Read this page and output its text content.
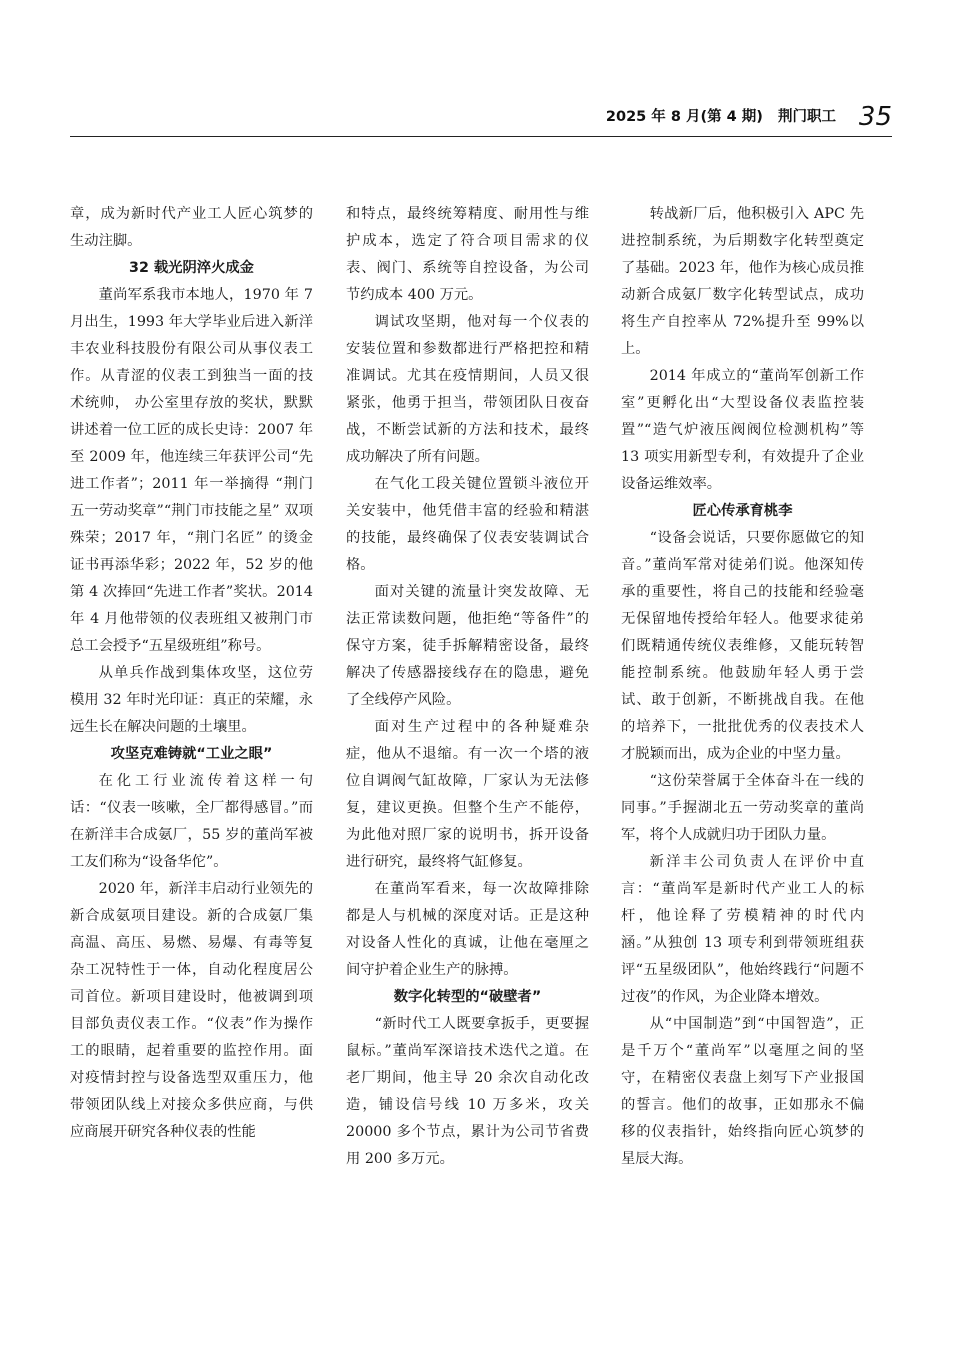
2025 年 8 月(第 4 期) 荆门职工 35

章，成为新时代产业工人匠心筑梦的生动注脚。

32 载光阴淬火成金

董尚军系我市本地人，1970 年 7 月出生，1993 年大学毕业后进入新洋丰农业科技股份有限公司从事仪表工作。从青涩的仪表工到独当一面的技术统帅， 办公室里存放的奖状，默默讲述着一位工匠的成长史诗：2007 年至 2009 年，他连续三年获评公司“先进工作者”；2011 年一举摘得 “荆门五一劳动奖章”“荆门市技能之星” 双项殊荣；2017 年，“荆门名匠” 的烫金证书再添华彩；2022 年，52 岁的他第 4 次捧回“先进工作者”奖状。2014 年 4 月他带领的仪表班组又被荆门市总工会授予“五星级班组”称号。

从单兵作战到集体攻坚，这位劳模用 32 年时光印证：真正的荣耀，永远生长在解决问题的土壤里。

攻坚克难铸就“工业之眼”

在化工行业流传着这样一句话：“仪表一咳嗽，全厂都得感冒。”而在新洋丰合成氨厂，55 岁的董尚军被工友们称为“设备华佗”。

2020 年，新洋丰启动行业领先的新合成氨项目建设。新的合成氨厂集高温、高压、易燃、易爆、有毒等复杂工况特性于一体，自动化程度居公司首位。新项目建设时，他被调到项目部负责仪表工作。“仪表”作为操作工的眼睛，起着重要的监控作用。面对疫情封控与设备选型双重压力，他带领团队线上对接众多供应商，与供应商展开研究各种仪表的性能

和特点，最终统筹精度、耐用性与维护成本，选定了符合项目需求的仪表、阀门、系统等自控设备，为公司节约成本 400 万元。

调试攻坚期，他对每一个仪表的安装位置和参数都进行严格把控和精准调试。尤其在疫情期间，人员又很紧张，他勇于担当，带领团队日夜奋战，不断尝试新的方法和技术，最终成功解决了所有问题。

在气化工段关键位置锁斗液位开关安装中，他凭借丰富的经验和精湛的技能，最终确保了仪表安装调试合格。

面对关键的流量计突发故障、无法正常读数问题，他拒绝“等备件”的保守方案，徒手拆解精密设备，最终解决了传感器接线存在的隐患，避免了全线停产风险。

面对生产过程中的各种疑难杂症，他从不退缩。有一次一个塔的液位自调阀气缸故障，厂家认为无法修复，建议更换。但整个生产不能停，为此他对照厂家的说明书，拆开设备进行研究，最终将气缸修复。

在董尚军看来，每一次故障排除都是人与机械的深度对话。正是这种对设备人性化的真诚，让他在毫厘之间守护着企业生产的脉搏。

数字化转型的“破壁者”

“新时代工人既要拿扳手，更要握鼠标。”董尚军深谙技术迭代之道。在老厂期间，他主导 20 余次自动化改造，铺设信号线 10 万多米，攻关 20000 多个节点，累计为公司节省费用 200 多万元。

转战新厂后，他积极引入 APC 先进控制系统，为后期数字化转型奠定了基础。2023 年，他作为核心成员推动新合成氨厂数字化转型试点，成功将生产自控率从 72%提升至 99%以上。

2014 年成立的“董尚军创新工作室”更孵化出“大型设备仪表监控装置”“造气炉液压阀阀位检测机构”等 13 项实用新型专利，有效提升了企业设备运维效率。

匠心传承育桃李

“设备会说话，只要你愿做它的知音。”董尚军常对徒弟们说。他深知传承的重要性，将自己的技能和经验毫无保留地传授给年轻人。他要求徒弟们既精通传统仪表维修，又能玩转智能控制系统。他鼓励年轻人勇于尝试、敢于创新，不断挑战自我。在他的培养下，一批批优秀的仪表技术人才脱颖而出，成为企业的中坚力量。

“这份荣誉属于全体奋斗在一线的同事。”手握湖北五一劳动奖章的董尚军，将个人成就归功于团队力量。

新洋丰公司负责人在评价中直言：“董尚军是新时代产业工人的标杆，他诠释了劳模精神的时代内涵。”从独创 13 项专利到带领班组获评“五星级团队”，他始终践行“问题不过夜”的作风，为企业降本增效。

从“中国制造”到“中国智造”，正是千万个“董尚军”以毫厘之间的坚守，在精密仪表盘上刻写下产业报国的誓言。他们的故事，正如那永不偏移的仪表指针，始终指向匠心筑梦的星辰大海。
